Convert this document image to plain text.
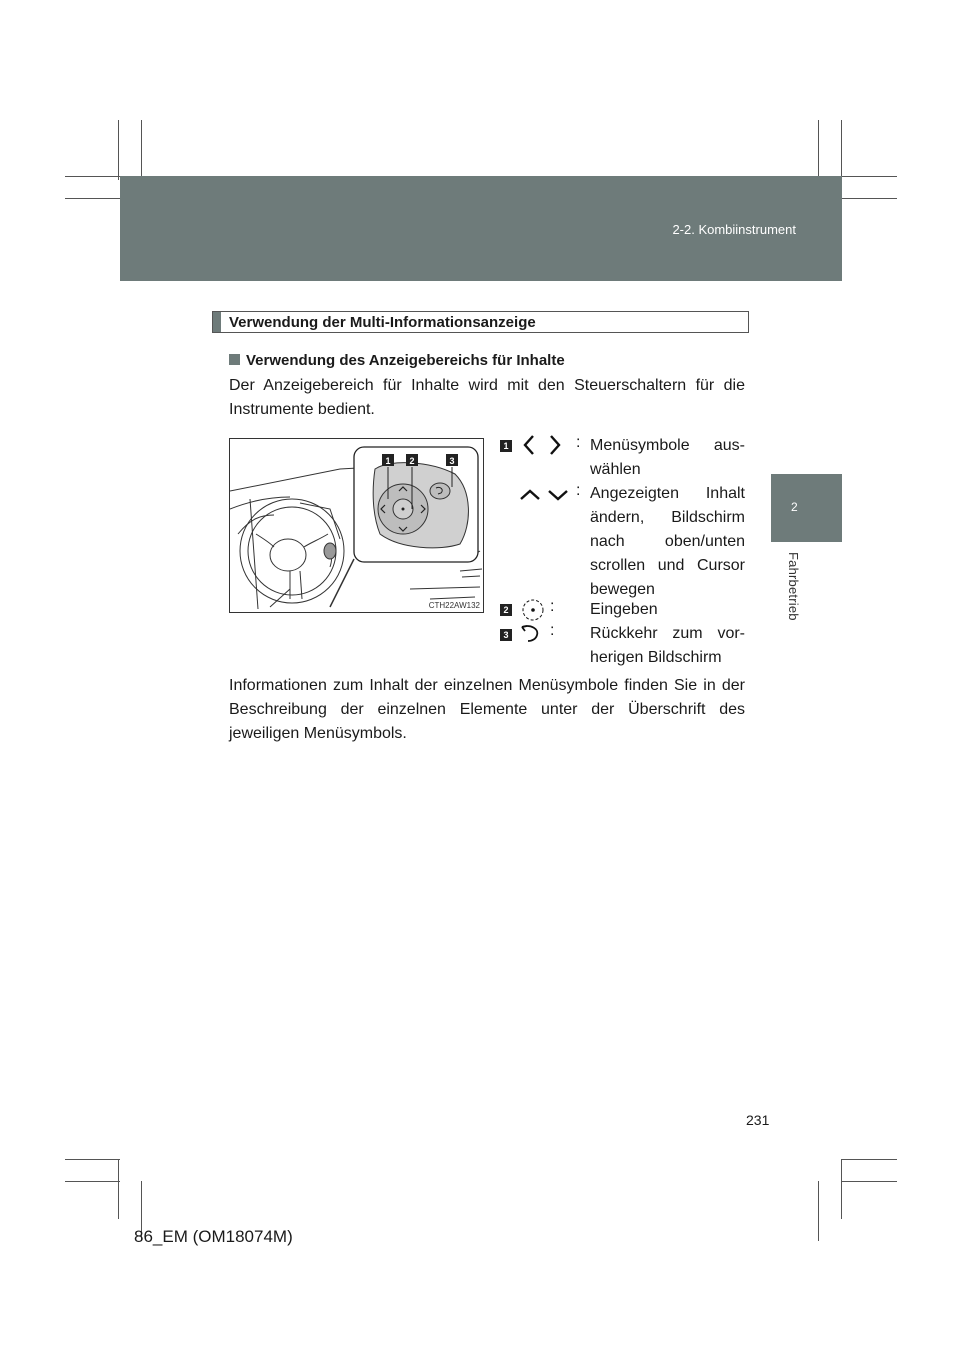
2-2. Kombiinstrument
2
Fahrbetrieb
Verwendung der Multi-Informationsanzeige
Verwendung des Anzeigebereichs für Inhalte
Der Anzeigebereich für Inhalte wird mit den Steuerschaltern für die Instrumente bedient.
1 2	3
CTH22AW132
1	: Menüsymbole auswählen
: Angezeigten Inhalt ändern, Bildschirm nach oben/unten scrollen und Cursor bewegen
2	: Eingeben
3	: Rückkehr zum vorherigen Bildschirm
Informationen zum Inhalt der einzelnen Menüsymbole finden Sie in der Beschreibung der einzelnen Elemente unter der Überschrift des jeweiligen Menüsymbols.
231
86_EM (OM18074M)
